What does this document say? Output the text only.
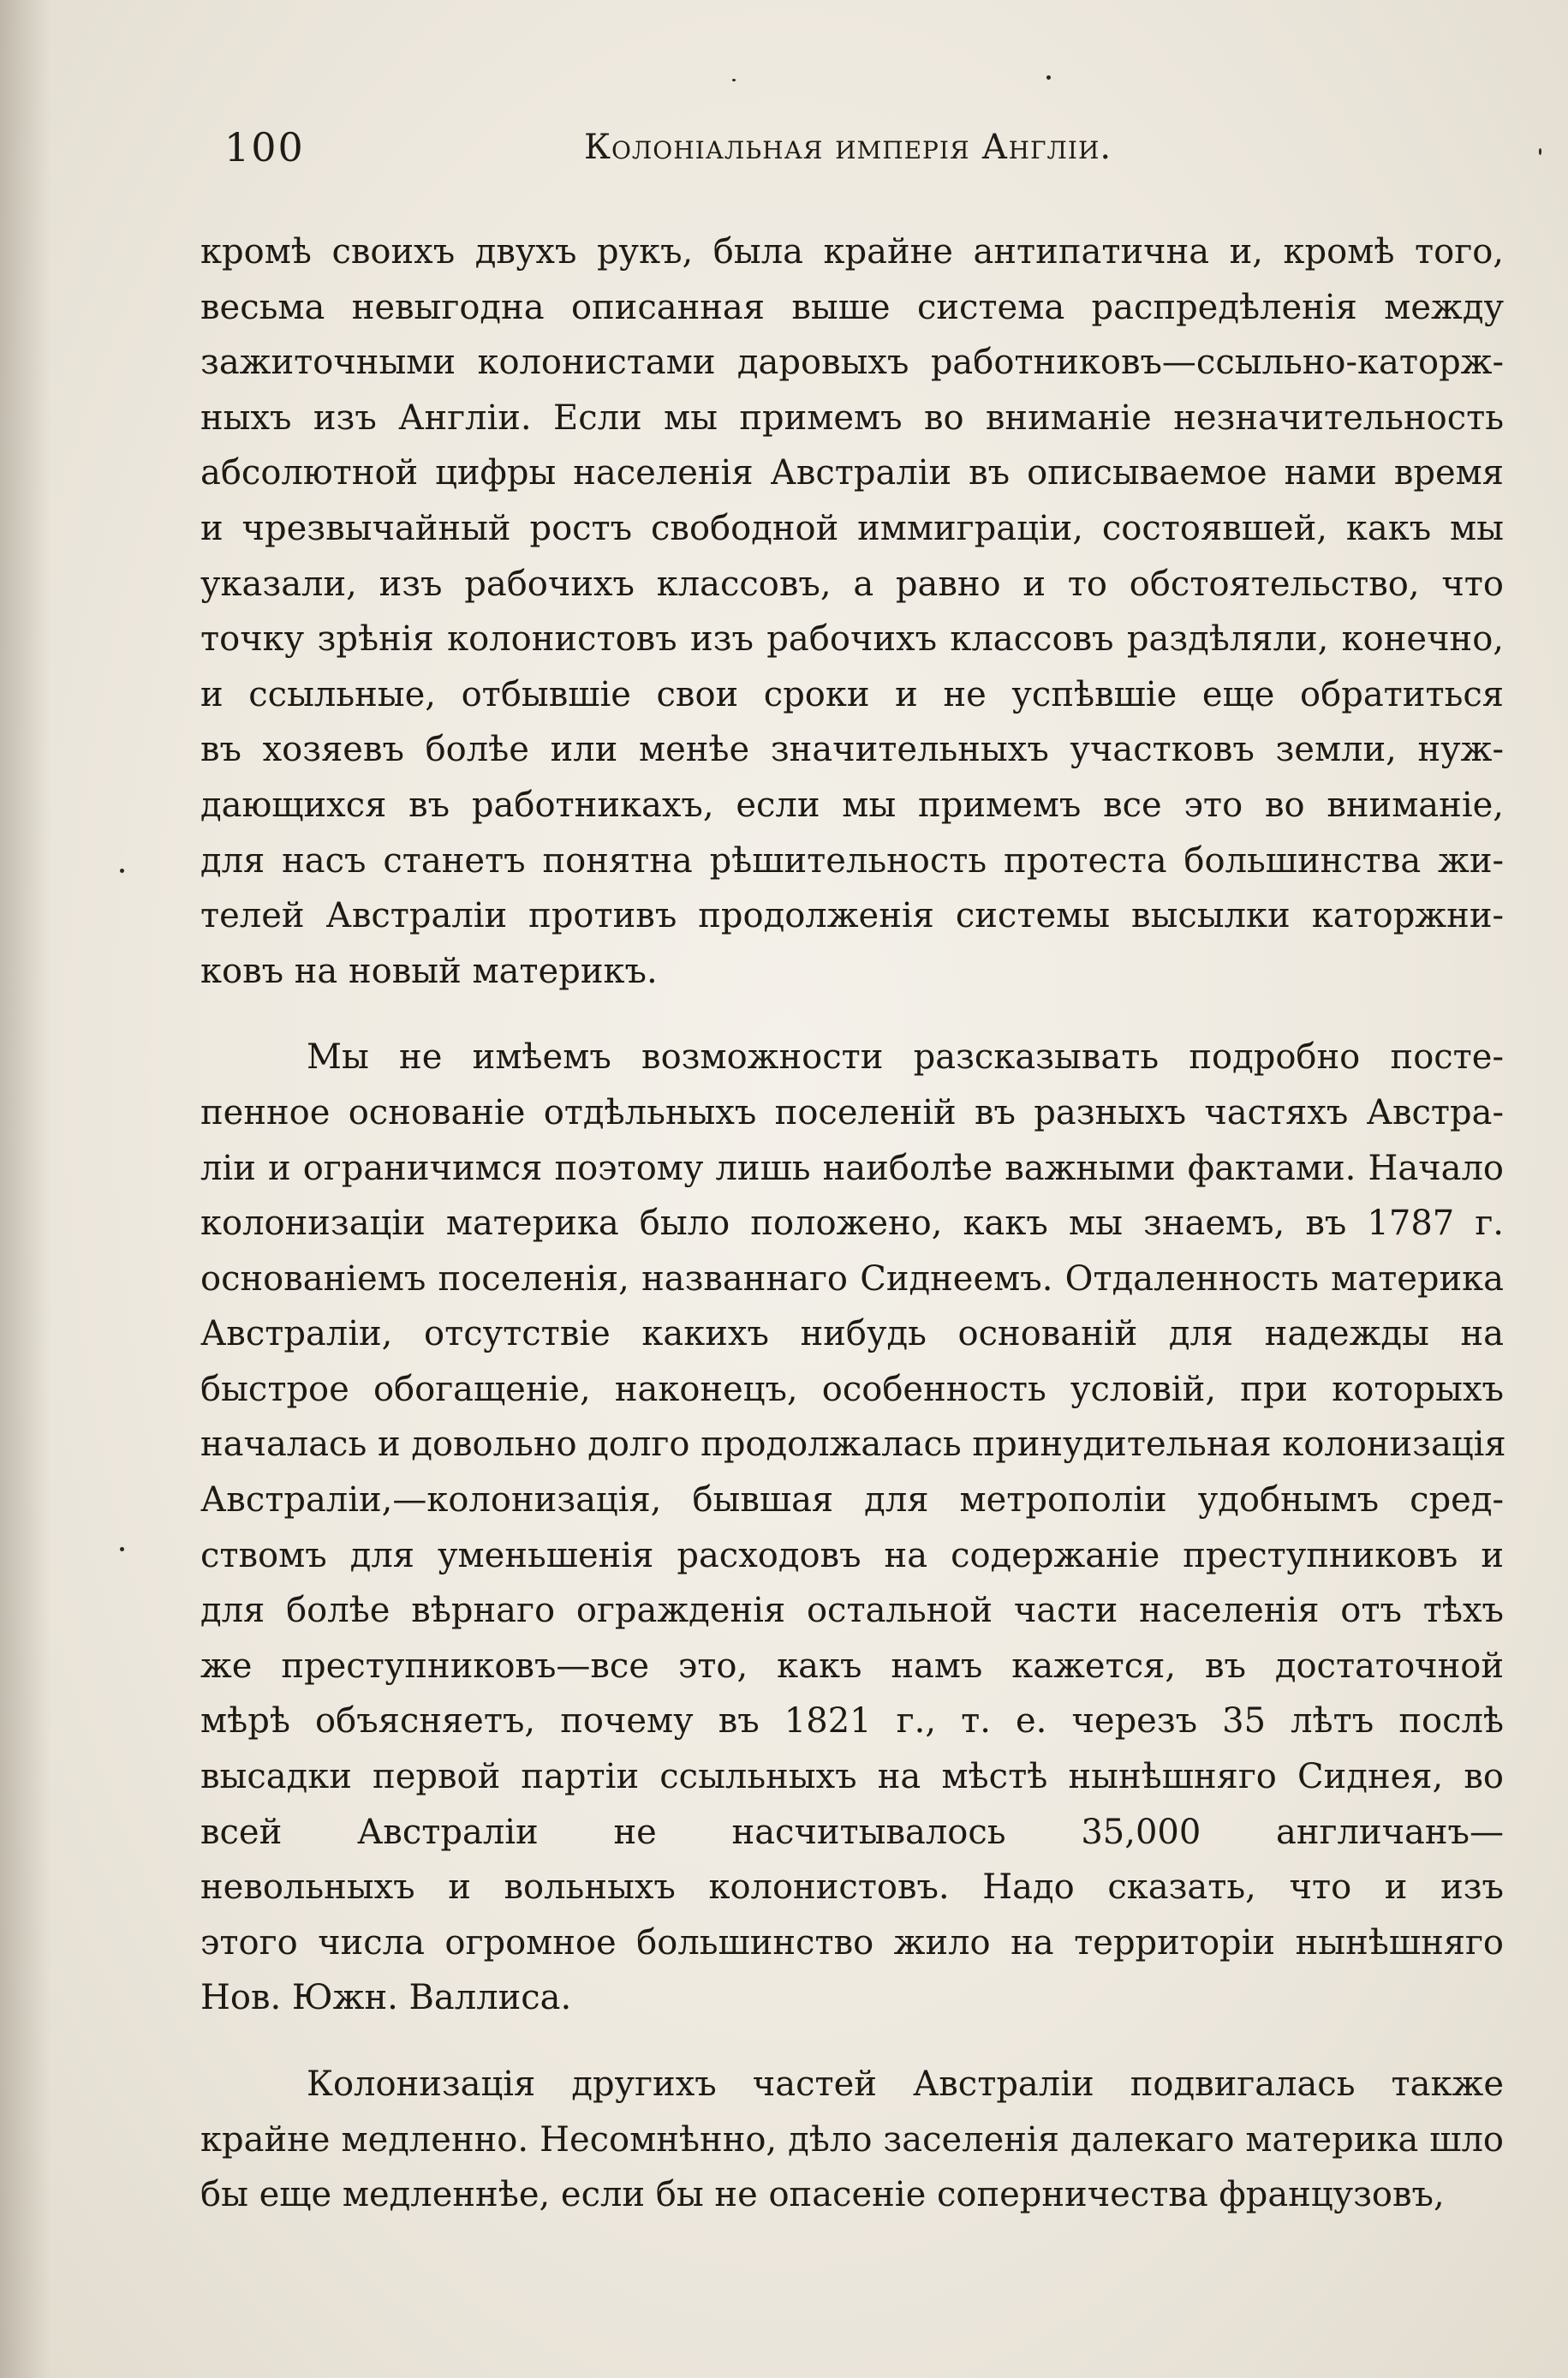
100	Колоніальная имперія Англіи.
кромѣ своихъ двухъ рукъ, была крайне антипатична и, кромѣ того,
весьма невыгодна описанная выше система распредѣленія между
зажиточными колонистами даровыхъ работниковъ—ссыльно-каторж-
ныхъ изъ Англіи. Если мы примемъ во вниманіе незначительность
абсолютной цифры населенія Австраліи въ описываемое нами время
и чрезвычайный ростъ свободной иммиграціи, состоявшей, какъ мы
указали, изъ рабочихъ классовъ, а равно и то обстоятельство, что
точку зрѣнія колонистовъ изъ рабочихъ классовъ раздѣляли, конечно,
и ссыльные, отбывшіе свои сроки и не успѣвшіе еще обратиться
въ хозяевъ болѣе или менѣе значительныхъ участковъ земли, нуж-
дающихся въ работникахъ, если мы примемъ все это во вниманіе,
для насъ станетъ понятна рѣшительность протеста большинства жи-
телей Австраліи противъ продолженія системы высылки каторжни-
ковъ на новый материкъ.
Мы не имѣемъ возможности разсказывать подробно посте-
пенное основаніе отдѣльныхъ поселеній въ разныхъ частяхъ Австра-
ліи и ограничимся поэтому лишь наиболѣе важными фактами. Начало
колонизаціи материка было положено, какъ мы знаемъ, въ 1787 г.
основаніемъ поселенія, названнаго Сиднеемъ. Отдаленность материка
Австраліи, отсутствіе какихъ нибудь основаній для надежды на
быстрое обогащеніе, наконецъ, особенность условій, при которыхъ
началась и довольно долго продолжалась принудительная колонизація
Австраліи,—колонизація, бывшая для метрополіи удобнымъ сред-
ствомъ для уменьшенія расходовъ на содержаніе преступниковъ и
для болѣе вѣрнаго огражденія остальной части населенія отъ тѣхъ
же преступниковъ—все это, какъ намъ кажется, въ достаточной
мѣрѣ объясняетъ, почему въ 1821 г., т. е. черезъ 35 лѣтъ послѣ
высадки первой партіи ссыльныхъ на мѣстѣ нынѣшняго Сиднея, во
всей Австраліи не насчитывалось 35,000 англичанъ—
невольныхъ и вольныхъ колонистовъ. Надо сказать, что и изъ
этого числа огромное большинство жило на территоріи нынѣшняго
Нов. Южн. Валлиса.
Колонизація другихъ частей Австраліи подвигалась также
крайне медленно. Несомнѣнно, дѣло заселенія далекаго материка шло
бы еще медленнѣе, если бы не опасеніе соперничества французовъ,
